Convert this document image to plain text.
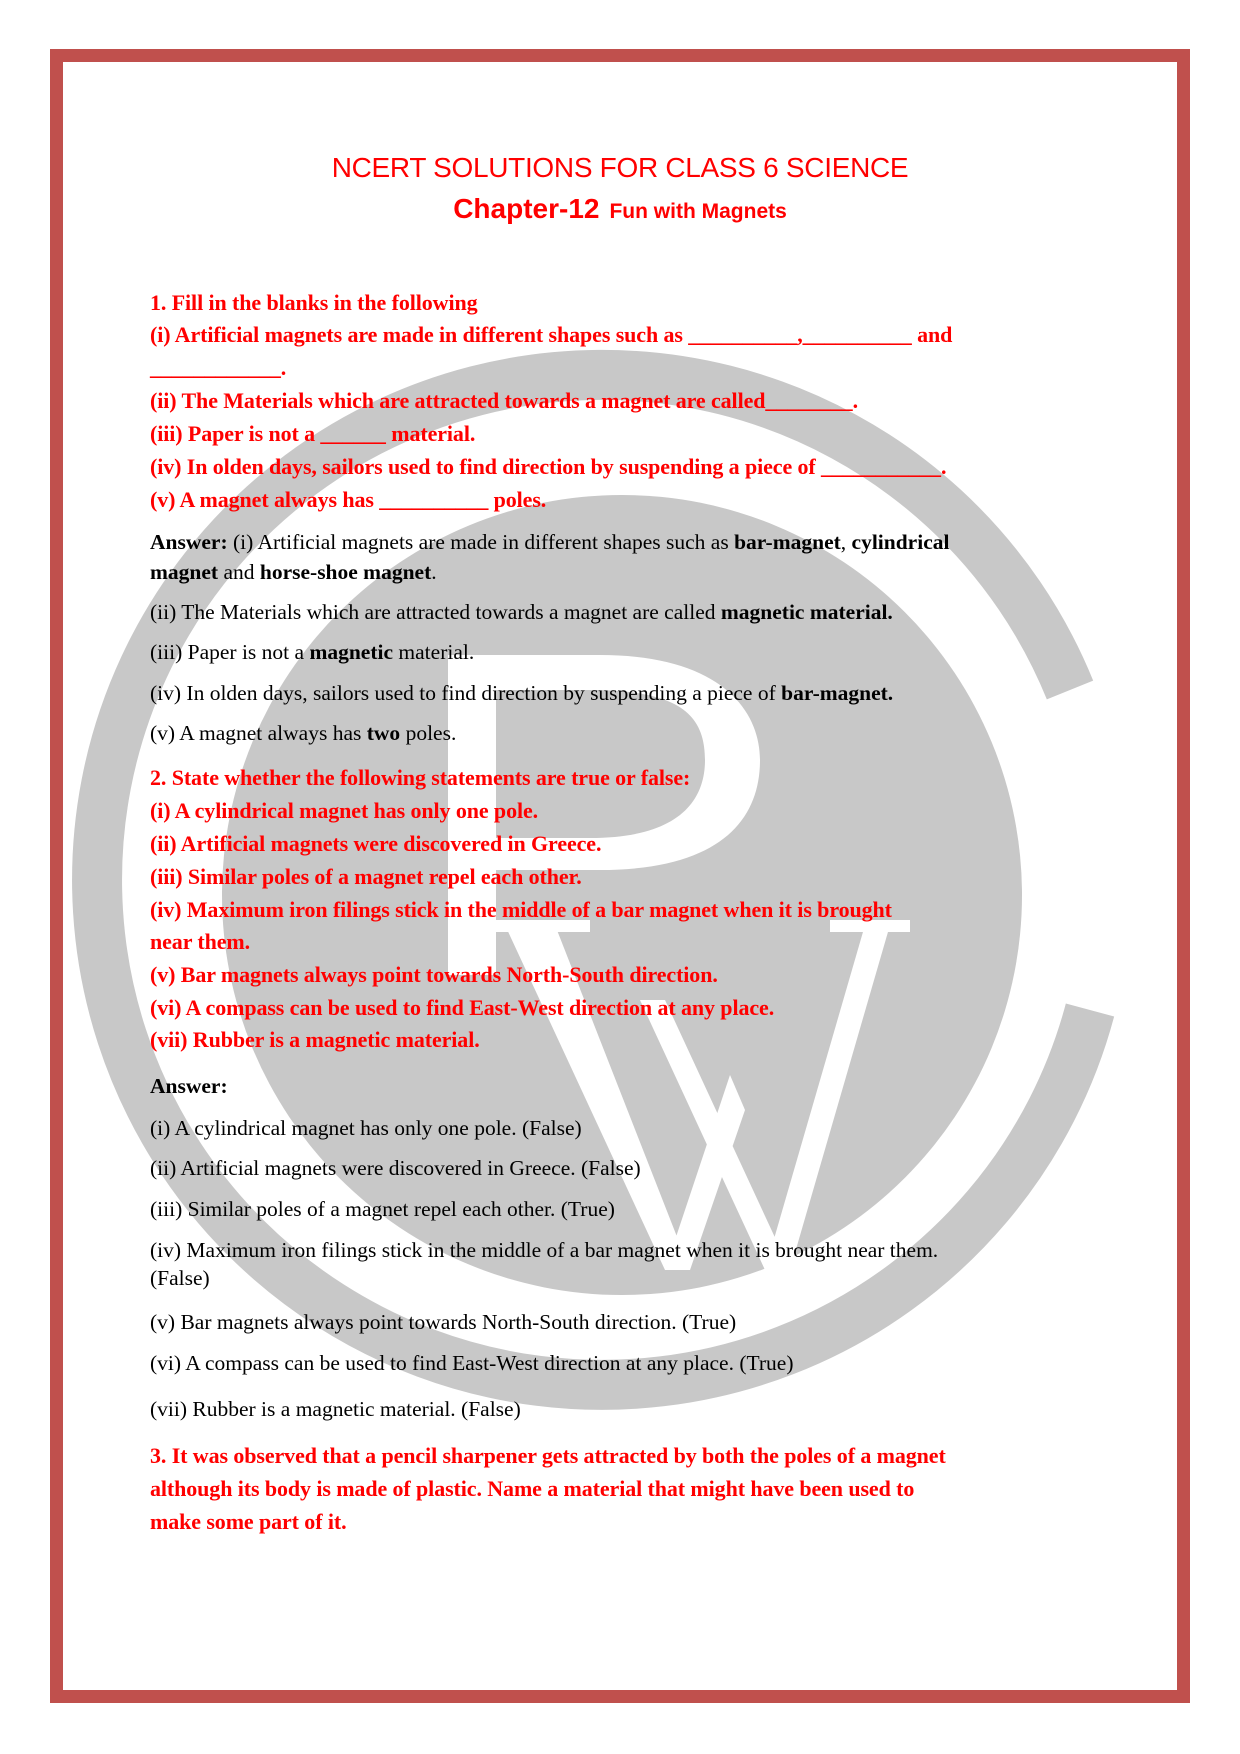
NCERT SOLUTIONS FOR CLASS 6 SCIENCE
Chapter-12 Fun with Magnets
1. Fill in the blanks in the following
(i) Artificial magnets are made in different shapes such as __________,__________ and
____________.
(ii) The Materials which are attracted towards a magnet are called________.
(iii) Paper is not a ______ material.
(iv) In olden days, sailors used to find direction by suspending a piece of ___________.
(v) A magnet always has __________ poles.
Answer: (i) Artificial magnets are made in different shapes such as bar-magnet, cylindrical
magnet and horse-shoe magnet.
(ii) The Materials which are attracted towards a magnet are called magnetic material.
(iii) Paper is not a magnetic material.
(iv) In olden days, sailors used to find direction by suspending a piece of bar-magnet.
(v) A magnet always has two poles.
2. State whether the following statements are true or false:
(i) A cylindrical magnet has only one pole.
(ii) Artificial magnets were discovered in Greece.
(iii) Similar poles of a magnet repel each other.
(iv) Maximum iron filings stick in the middle of a bar magnet when it is brought
near them.
(v) Bar magnets always point towards North-South direction.
(vi) A compass can be used to find East-West direction at any place.
(vii) Rubber is a magnetic material.
Answer:
(i) A cylindrical magnet has only one pole. (False)
(ii) Artificial magnets were discovered in Greece. (False)
(iii) Similar poles of a magnet repel each other. (True)
(iv) Maximum iron filings stick in the middle of a bar magnet when it is brought near them.
(False)
(v) Bar magnets always point towards North-South direction. (True)
(vi) A compass can be used to find East-West direction at any place. (True)
(vii) Rubber is a magnetic material. (False)
3. It was observed that a pencil sharpener gets attracted by both the poles of a magnet
although its body is made of plastic. Name a material that might have been used to
make some part of it.
